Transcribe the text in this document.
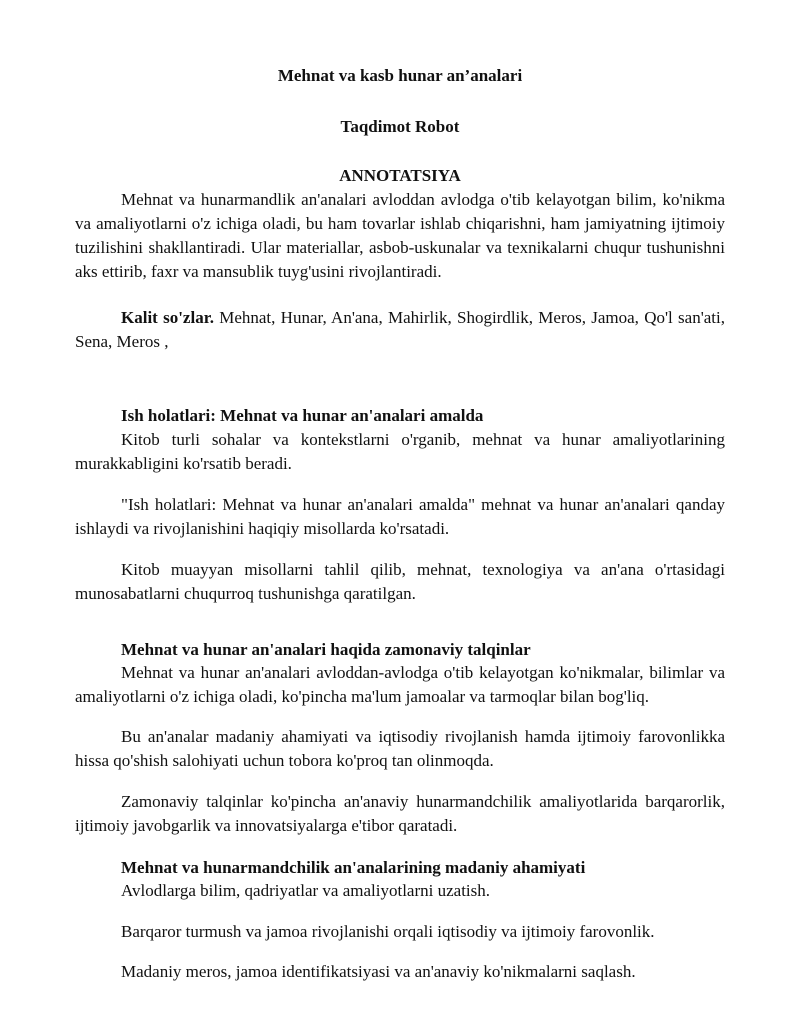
Mehnat va kasb hunar an’analari
Taqdimot Robot
ANNOTATSIYA

Mehnat va hunarmandlik an'analari avloddan avlodga o'tib kelayotgan bilim, ko'nikma va amaliyotlarni o'z ichiga oladi, bu ham tovarlar ishlab chiqarishni, ham jamiyatning ijtimoiy tuzilishini shakllantiradi. Ular materiallar, asbob-uskunalar va texnikalarni chuqur tushunishni aks ettirib, faxr va mansublik tuyg'usini rivojlantiradi.

Kalit so'zlar. Mehnat, Hunar, An'ana, Mahirlik, Shogirdlik, Meros, Jamoa, Qo'l san'ati, Sena, Meros ,

Ish holatlari: Mehnat va hunar an'analari amalda

Kitob turli sohalar va kontekstlarni o'rganib, mehnat va hunar amaliyotlarining murakkabligini ko'rsatib beradi.

"Ish holatlari: Mehnat va hunar an'analari amalda" mehnat va hunar an'analari qanday ishlaydi va rivojlanishini haqiqiy misollarda ko'rsatadi.

Kitob muayyan misollarni tahlil qilib, mehnat, texnologiya va an'ana o'rtasidagi munosabatlarni chuqurroq tushunishga qaratilgan.

Mehnat va hunar an'analari haqida zamonaviy talqinlar

Mehnat va hunar an'analari avloddan-avlodga o'tib kelayotgan ko'nikmalar, bilimlar va amaliyotlarni o'z ichiga oladi, ko'pincha ma'lum jamoalar va tarmoqlar bilan bog'liq.

Bu an'analar madaniy ahamiyati va iqtisodiy rivojlanish hamda ijtimoiy farovonlikka hissa qo'shish salohiyati uchun tobora ko'proq tan olinmoqda.

Zamonaviy talqinlar ko'pincha an'anaviy hunarmandchilik amaliyotlarida barqarorlik, ijtimoiy javobgarlik va innovatsiyalarga e'tibor qaratadi.

Mehnat va hunarmandchilik an'analarining madaniy ahamiyati

Avlodlarga bilim, qadriyatlar va amaliyotlarni uzatish.

Barqaror turmush va jamoa rivojlanishi orqali iqtisodiy va ijtimoiy farovonlik.

Madaniy meros, jamoa identifikatsiyasi va an'anaviy ko'nikmalarni saqlash.
